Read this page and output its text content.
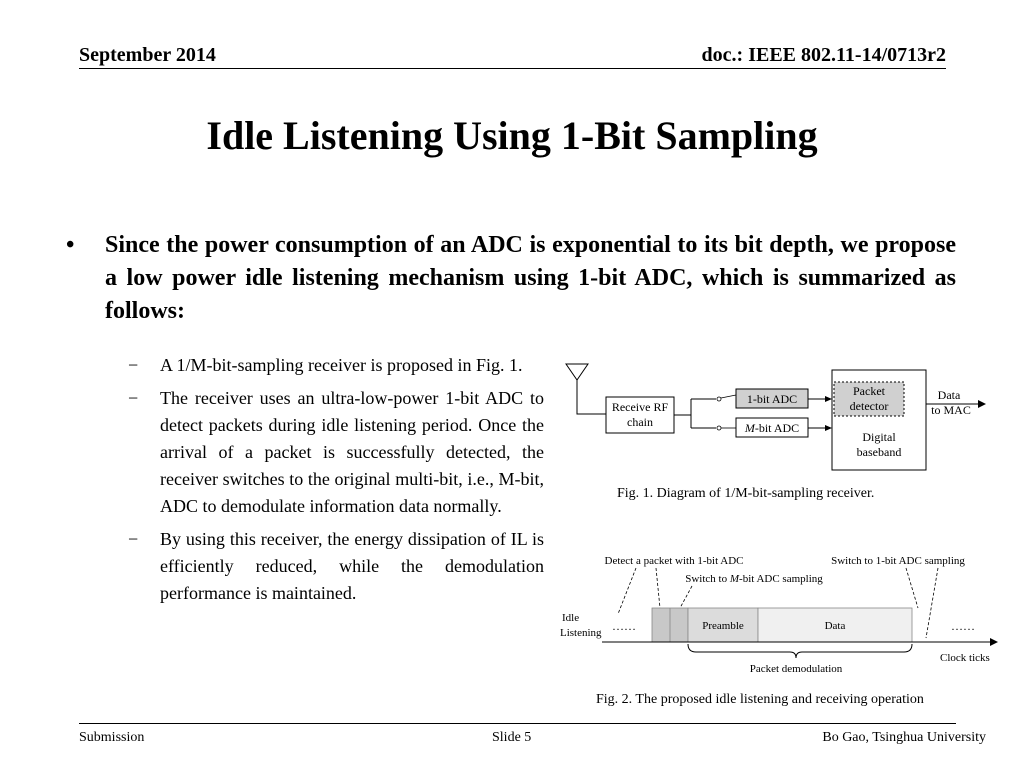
September 2014	doc.: IEEE 802.11-14/0713r2
Idle Listening Using 1-Bit Sampling
• Since the power consumption of an ADC is exponential to its bit depth, we propose a low power idle listening mechanism using 1-bit ADC, which is summarized as follows:
− A 1/M-bit-sampling receiver is proposed in Fig. 1.
− The receiver uses an ultra-low-power 1-bit ADC to detect packets during idle listening period. Once the arrival of a packet is successfully detected, the receiver switches to the original multi-bit, i.e., M-bit, ADC to demodulate information data normally.
− By using this receiver, the energy dissipation of IL is efficiently reduced, while the demodulation performance is maintained.
Receive RF
chain
1-bit ADC
M-bit ADC
Digital
baseband
Packet
detector
Data
to MAC
Fig. 1. Diagram of 1/M-bit-sampling receiver.
Detect a packet with 1-bit ADC	Switch to 1-bit ADC sampling
Switch to M-bit ADC sampling
Idle
Listening ……	……
Preamble	Data
Clock ticks
Packet demodulation
Fig. 2. The proposed idle listening and receiving operation
Submission	Slide 5	Bo Gao, Tsinghua University
